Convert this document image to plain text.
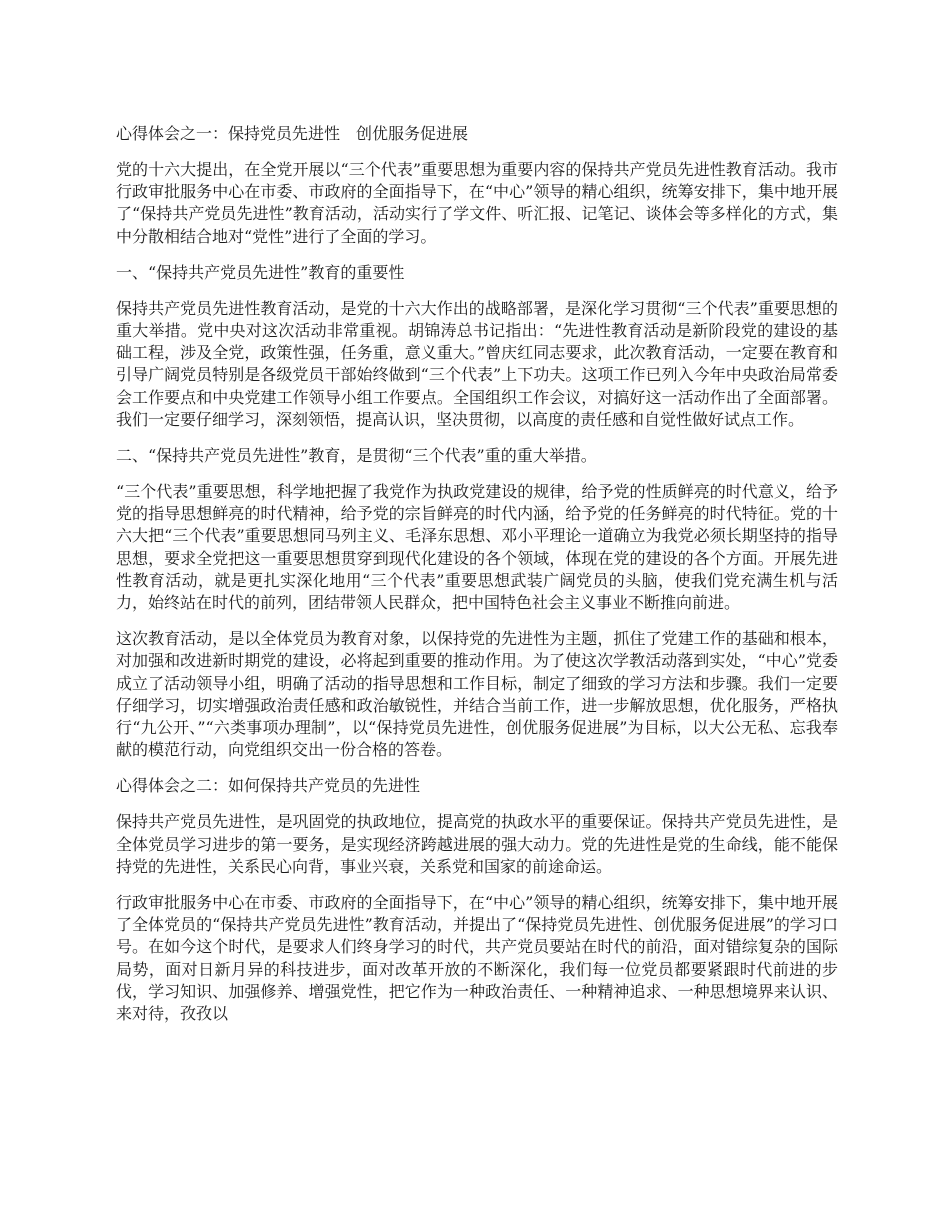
心得体会之一：保持党员先进性　创优服务促进展
党的十六大提出，在全党开展以“三个代表”重要思想为重要内容的保持共产党员先进性教育活动。我市行政审批服务中心在市委、市政府的全面指导下，在“中心”领导的精心组织，统筹安排下，集中地开展了“保持共产党员先进性”教育活动，活动实行了学文件、听汇报、记笔记、谈体会等多样化的方式，集中分散相结合地对“党性”进行了全面的学习。
一、“保持共产党员先进性”教育的重要性
保持共产党员先进性教育活动，是党的十六大作出的战略部署，是深化学习贯彻“三个代表”重要思想的重大举措。党中央对这次活动非常重视。胡锦涛总书记指出：“先进性教育活动是新阶段党的建设的基础工程，涉及全党，政策性强，任务重，意义重大。”曾庆红同志要求，此次教育活动，一定要在教育和引导广阔党员特别是各级党员干部始终做到“三个代表”上下功夫。这项工作已列入今年中央政治局常委会工作要点和中央党建工作领导小组工作要点。全国组织工作会议，对搞好这一活动作出了全面部署。我们一定要仔细学习，深刻领悟，提高认识，坚决贯彻，以高度的责任感和自觉性做好试点工作。
二、“保持共产党员先进性”教育，是贯彻“三个代表”重的重大举措。
“三个代表”重要思想，科学地把握了我党作为执政党建设的规律，给予党的性质鲜亮的时代意义，给予党的指导思想鲜亮的时代精神，给予党的宗旨鲜亮的时代内涵，给予党的任务鲜亮的时代特征。党的十六大把“三个代表”重要思想同马列主义、毛泽东思想、邓小平理论一道确立为我党必须长期坚持的指导思想，要求全党把这一重要思想贯穿到现代化建设的各个领域，体现在党的建设的各个方面。开展先进性教育活动，就是更扎实深化地用“三个代表”重要思想武装广阔党员的头脑，使我们党充满生机与活力，始终站在时代的前列，团结带领人民群众，把中国特色社会主义事业不断推向前进。
这次教育活动，是以全体党员为教育对象，以保持党的先进性为主题，抓住了党建工作的基础和根本，对加强和改进新时期党的建设，必将起到重要的推动作用。为了使这次学教活动落到实处，“中心”党委成立了活动领导小组，明确了活动的指导思想和工作目标，制定了细致的学习方法和步骤。我们一定要仔细学习，切实增强政治责任感和政治敏锐性，并结合当前工作，进一步解放思想，优化服务，严格执行“九公开、”“六类事项办理制”，以“保持党员先进性，创优服务促进展”为目标，以大公无私、忘我奉献的模范行动，向党组织交出一份合格的答卷。
心得体会之二：如何保持共产党员的先进性
保持共产党员先进性，是巩固党的执政地位，提高党的执政水平的重要保证。保持共产党员先进性，是全体党员学习进步的第一要务，是实现经济跨越进展的强大动力。党的先进性是党的生命线，能不能保持党的先进性，关系民心向背，事业兴衰，关系党和国家的前途命运。
行政审批服务中心在市委、市政府的全面指导下，在“中心”领导的精心组织，统筹安排下，集中地开展了全体党员的“保持共产党员先进性”教育活动，并提出了“保持党员先进性、创优服务促进展”的学习口号。在如今这个时代，是要求人们终身学习的时代，共产党员要站在时代的前沿，面对错综复杂的国际局势，面对日新月异的科技进步，面对改革开放的不断深化，我们每一位党员都要紧跟时代前进的步伐，学习知识、加强修养、增强党性，把它作为一种政治责任、一种精神追求、一种思想境界来认识、来对待，孜孜以
